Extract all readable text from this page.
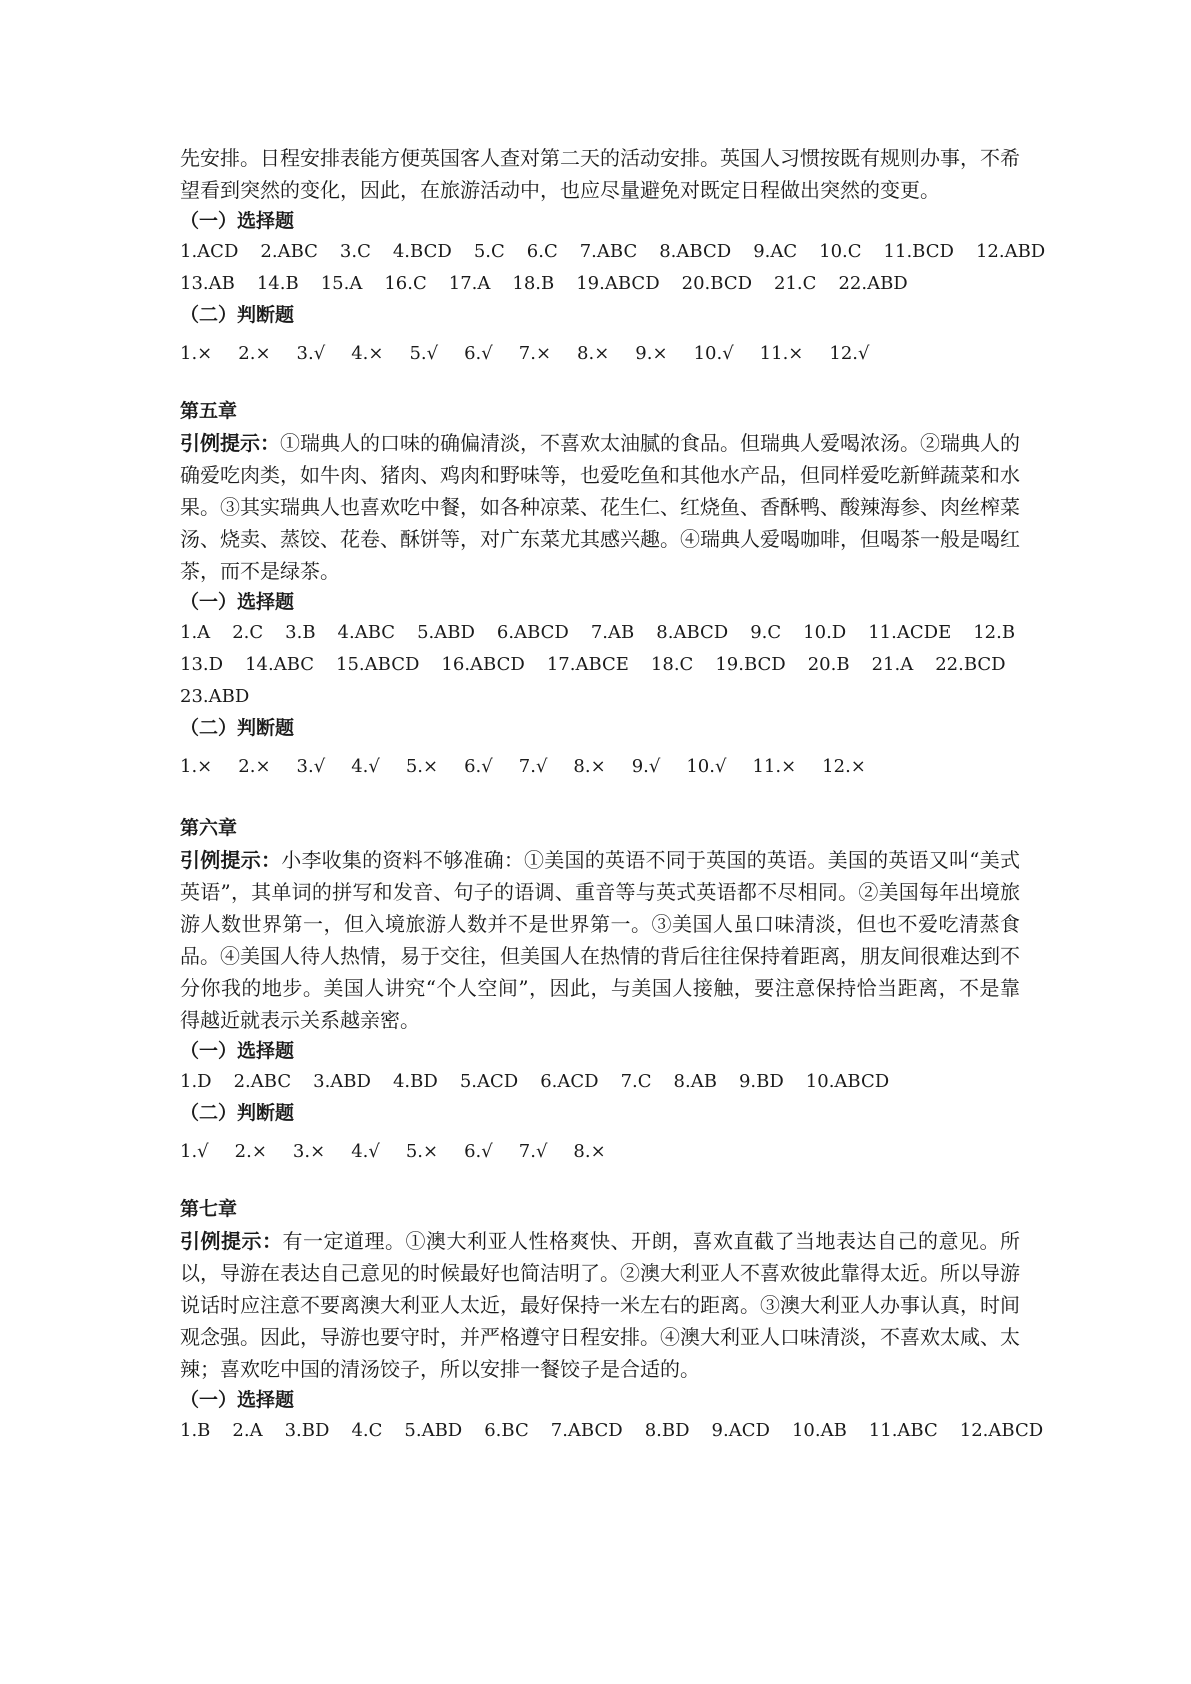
先安排。日程安排表能方便英国客人查对第二天的活动安排。英国人习惯按既有规则办事，不希望看到突然的变化，因此，在旅游活动中，也应尽量避免对既定日程做出突然的变更。

（一）选择题

1.ACD 2.ABC 3.C 4.BCD 5.C 6.C 7.ABC 8.ABCD 9.AC 10.C 11.BCD 12.ABD

13.AB 14.B 15.A 16.C 17.A 18.B 19.ABCD 20.BCD 21.C 22.ABD

（二）判断题

1.× 2.× 3.√ 4.× 5.√ 6.√ 7.× 8.× 9.× 10.√ 11.× 12.√

第五章

引例提示：①瑞典人的口味的确偏清淡，不喜欢太油腻的食品。但瑞典人爱喝浓汤。②瑞典人的确爱吃肉类，如牛肉、猪肉、鸡肉和野味等，也爱吃鱼和其他水产品，但同样爱吃新鲜蔬菜和水果。③其实瑞典人也喜欢吃中餐，如各种凉菜、花生仁、红烧鱼、香酥鸭、酸辣海参、肉丝榨菜汤、烧卖、蒸饺、花卷、酥饼等，对广东菜尤其感兴趣。④瑞典人爱喝咖啡，但喝茶一般是喝红茶，而不是绿茶。

（一）选择题

1.A 2.C 3.B 4.ABC 5.ABD 6.ABCD 7.AB 8.ABCD 9.C 10.D 11.ACDE 12.B

13.D 14.ABC 15.ABCD 16.ABCD 17.ABCE 18.C 19.BCD 20.B 21.A 22.BCD

23.ABD

（二）判断题

1.× 2.× 3.√ 4.√ 5.× 6.√ 7.√ 8.× 9.√ 10.√ 11.× 12.×

第六章

引例提示：小李收集的资料不够准确：①美国的英语不同于英国的英语。美国的英语又叫“美式英语”，其单词的拼写和发音、句子的语调、重音等与英式英语都不尽相同。②美国每年出境旅游人数世界第一，但入境旅游人数并不是世界第一。③美国人虽口味清淡，但也不爱吃清蒸食品。④美国人待人热情，易于交往，但美国人在热情的背后往往保持着距离，朋友间很难达到不分你我的地步。美国人讲究“个人空间”，因此，与美国人接触，要注意保持恰当距离，不是靠得越近就表示关系越亲密。

（一）选择题

1.D 2.ABC 3.ABD 4.BD 5.ACD 6.ACD 7.C 8.AB 9.BD 10.ABCD

（二）判断题

1.√ 2.× 3.× 4.√ 5.× 6.√ 7.√ 8.×

第七章

引例提示：有一定道理。①澳大利亚人性格爽快、开朗，喜欢直截了当地表达自己的意见。所以，导游在表达自己意见的时候最好也简洁明了。②澳大利亚人不喜欢彼此靠得太近。所以导游说话时应注意不要离澳大利亚人太近，最好保持一米左右的距离。③澳大利亚人办事认真，时间观念强。因此，导游也要守时，并严格遵守日程安排。④澳大利亚人口味清淡，不喜欢太咸、太辣；喜欢吃中国的清汤饺子，所以安排一餐饺子是合适的。

（一）选择题

1.B 2.A 3.BD 4.C 5.ABD 6.BC 7.ABCD 8.BD 9.ACD 10.AB 11.ABC 12.ABCD
